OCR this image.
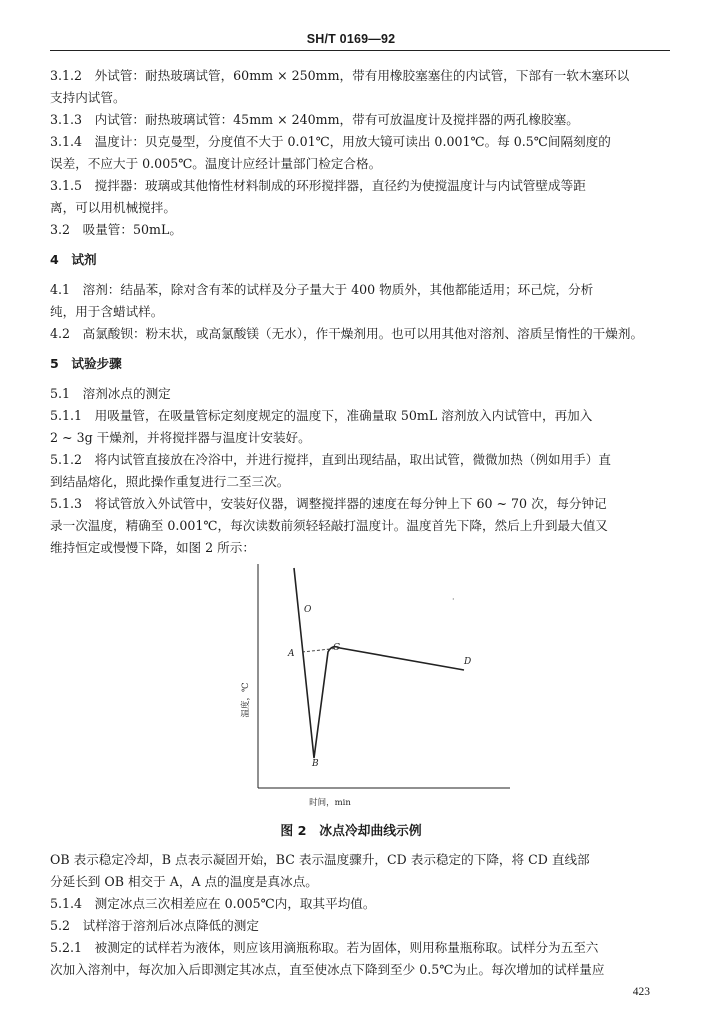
SH/T 0169—92
3.1.2　外试管：耐热玻璃试管，60mm × 250mm，带有用橡胶塞塞住的内试管，下部有一软木塞环以
支持内试管。
3.1.3　内试管：耐热玻璃试管：45mm × 240mm，带有可放温度计及搅拌器的两孔橡胶塞。
3.1.4　温度计：贝克曼型，分度值不大于 0.01℃，用放大镜可读出 0.001℃。每 0.5℃间隔刻度的
误差，不应大于 0.005℃。温度计应经计量部门检定合格。
3.1.5　搅拌器：玻璃或其他惰性材料制成的环形搅拌器，直径约为使搅温度计与内试管壁成等距
离，可以用机械搅拌。
3.2　吸量管：50mL。
4　试剂
4.1　溶剂：结晶苯，除对含有苯的试样及分子量大于 400 物质外，其他都能适用；环己烷，分析
纯，用于含蜡试样。
4.2　高氯酸钡：粉末状，或高氯酸镁（无水），作干燥剂用。也可以用其他对溶剂、溶质呈惰性的干燥剂。
5　试验步骤
5.1　溶剂冰点的测定
5.1.1　用吸量管，在吸量管标定刻度规定的温度下，准确量取 50mL 溶剂放入内试管中，再加入
2 ~ 3g 干燥剂，并将搅拌器与温度计安装好。
5.1.2　将内试管直接放在冷浴中，并进行搅拌，直到出现结晶，取出试管，微微加热（例如用手）直
到结晶熔化，照此操作重复进行二至三次。
5.1.3　将试管放入外试管中，安装好仪器，调整搅拌器的速度在每分钟上下 60 ~ 70 次，每分钟记
录一次温度，精确至 0.001℃，每次读数前须轻轻敲打温度计。温度首先下降，然后上升到最大值又
维持恒定或慢慢下降，如图 2 所示：
O
A
C
D
B
温度，℃
时间，min
·
图 2　冰点冷却曲线示例
OB 表示稳定冷却，B 点表示凝固开始，BC 表示温度骤升，CD 表示稳定的下降，将 CD 直线部
分延长到 OB 相交于 A，A 点的温度是真冰点。
5.1.4　测定冰点三次相差应在 0.005℃内，取其平均值。
5.2　试样溶于溶剂后冰点降低的测定
5.2.1　被测定的试样若为液体，则应该用滴瓶称取。若为固体，则用称量瓶称取。试样分为五至六
次加入溶剂中，每次加入后即测定其冰点，直至使冰点下降到至少 0.5℃为止。每次增加的试样量应
423
